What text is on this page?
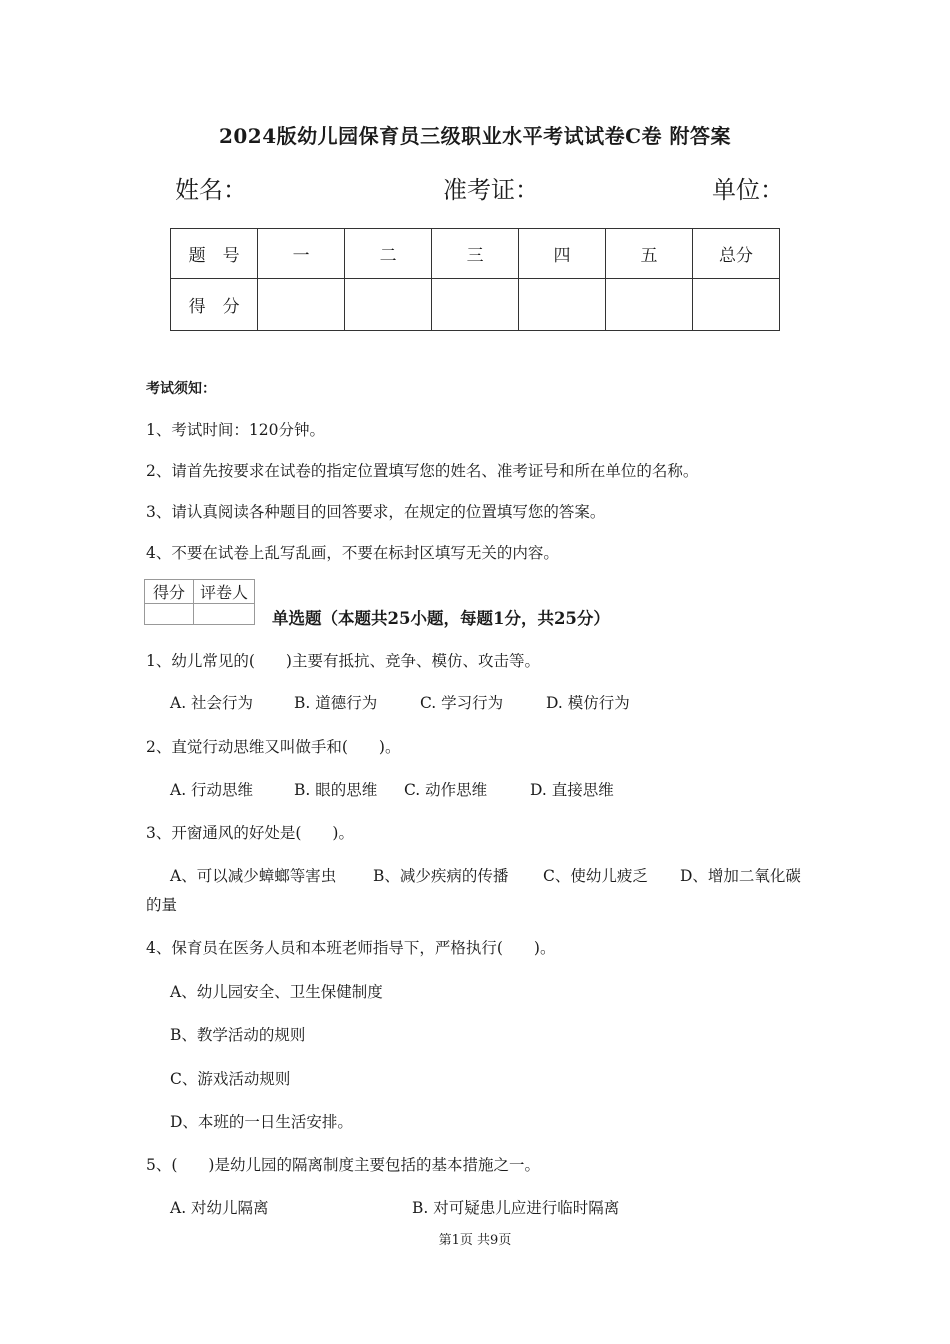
2024版幼儿园保育员三级职业水平考试试卷C卷 附答案
姓名：	准考证：	单位：
题　号	一	二	三	四	五	总分
得　分						
考试须知：
1、考试时间：120分钟。
2、请首先按要求在试卷的指定位置填写您的姓名、准考证号和所在单位的名称。
3、请认真阅读各种题目的回答要求，在规定的位置填写您的答案。
4、不要在试卷上乱写乱画，不要在标封区填写无关的内容。
得分	评卷人

单选题（本题共25小题，每题1分，共25分）
1、幼儿常见的(　　)主要有抵抗、竞争、模仿、攻击等。
A. 社会行为	B. 道德行为	C. 学习行为	D. 模仿行为
2、直觉行动思维又叫做手和(　　)。
A. 行动思维	B. 眼的思维 C. 动作思维	D. 直接思维
3、开窗通风的好处是(　　)。
A、可以减少蟑螂等害虫 B、减少疾病的传播 C、使幼儿疲乏 D、增加二氧化碳
的量
4、保育员在医务人员和本班老师指导下，严格执行(　　)。
A、幼儿园安全、卫生保健制度
B、教学活动的规则
C、游戏活动规则
D、本班的一日生活安排。
5、(　　)是幼儿园的隔离制度主要包括的基本措施之一。
A. 对幼儿隔离	B. 对可疑患儿应进行临时隔离
第1页 共9页
